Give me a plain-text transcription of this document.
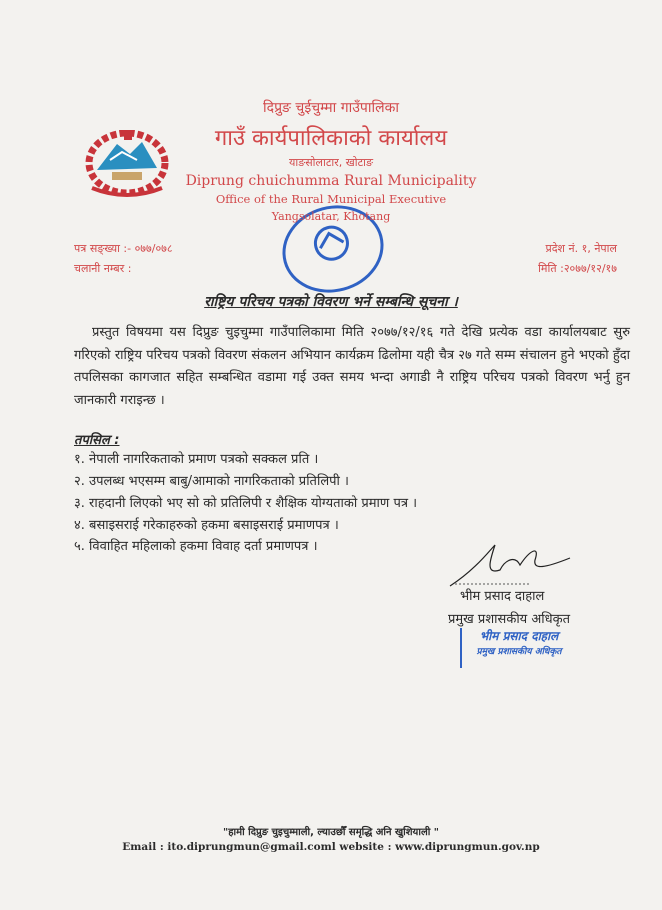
दिप्रुङ चुईचुम्मा गाउँपालिका
गाउँ कार्यपालिकाको कार्यालय
याङसोलाटार, खोटाङ
Diprung chuichumma Rural Municipality
Office of the Rural Municipal Executive
Yangsolatar, Khotang
पत्र सङ्ख्या :- ०७७/०७८
चलानी नम्बर :
प्रदेश नं. १, नेपाल
मिति :२०७७/१२/१७
राष्ट्रिय परिचय पत्रको विवरण भर्ने सम्बन्धि सूचना ।
प्रस्तुत विषयमा यस दिप्रुङ चुइचुम्मा गाउँपालिकामा मिति २०७७/१२/१६ गते देखि प्रत्येक वडा कार्यालयबाट सुरु गरिएको राष्ट्रिय परिचय पत्रको विवरण संकलन अभियान कार्यक्रम ढिलोमा यही चैत्र २७ गते सम्म संचालन हुने भएको हुँदा तपलिसका कागजात सहित सम्बन्धित वडामा गई उक्त समय भन्दा अगाडी नै राष्ट्रिय परिचय पत्रको विवरण भर्नु हुन जानकारी गराइन्छ ।
तपसिल :
१. नेपाली नागरिकताको प्रमाण पत्रको सक्कल प्रति ।
२. उपलब्ध भएसम्म बाबु/आमाको नागरिकताको प्रतिलिपी ।
३. राहदानी लिएको भए सो को प्रतिलिपी र शैक्षिक योग्यताको प्रमाण पत्र ।
४. बसाइसराई गरेकाहरुको हकमा बसाइसराई प्रमाणपत्र ।
५. विवाहित महिलाको हकमा विवाह दर्ता प्रमाणपत्र ।
भीम प्रसाद दाहाल
प्रमुख प्रशासकीय अधिकृत
भीम प्रसाद दाहाल
प्रमुख प्रशासकीय अधिकृत
"हामी दिप्रुङ चुइचुम्माली, ल्याउछौँ समृद्धि अनि खुशियाली "
Email : ito.diprungmun@gmail.coml website : www.diprungmun.gov.np
